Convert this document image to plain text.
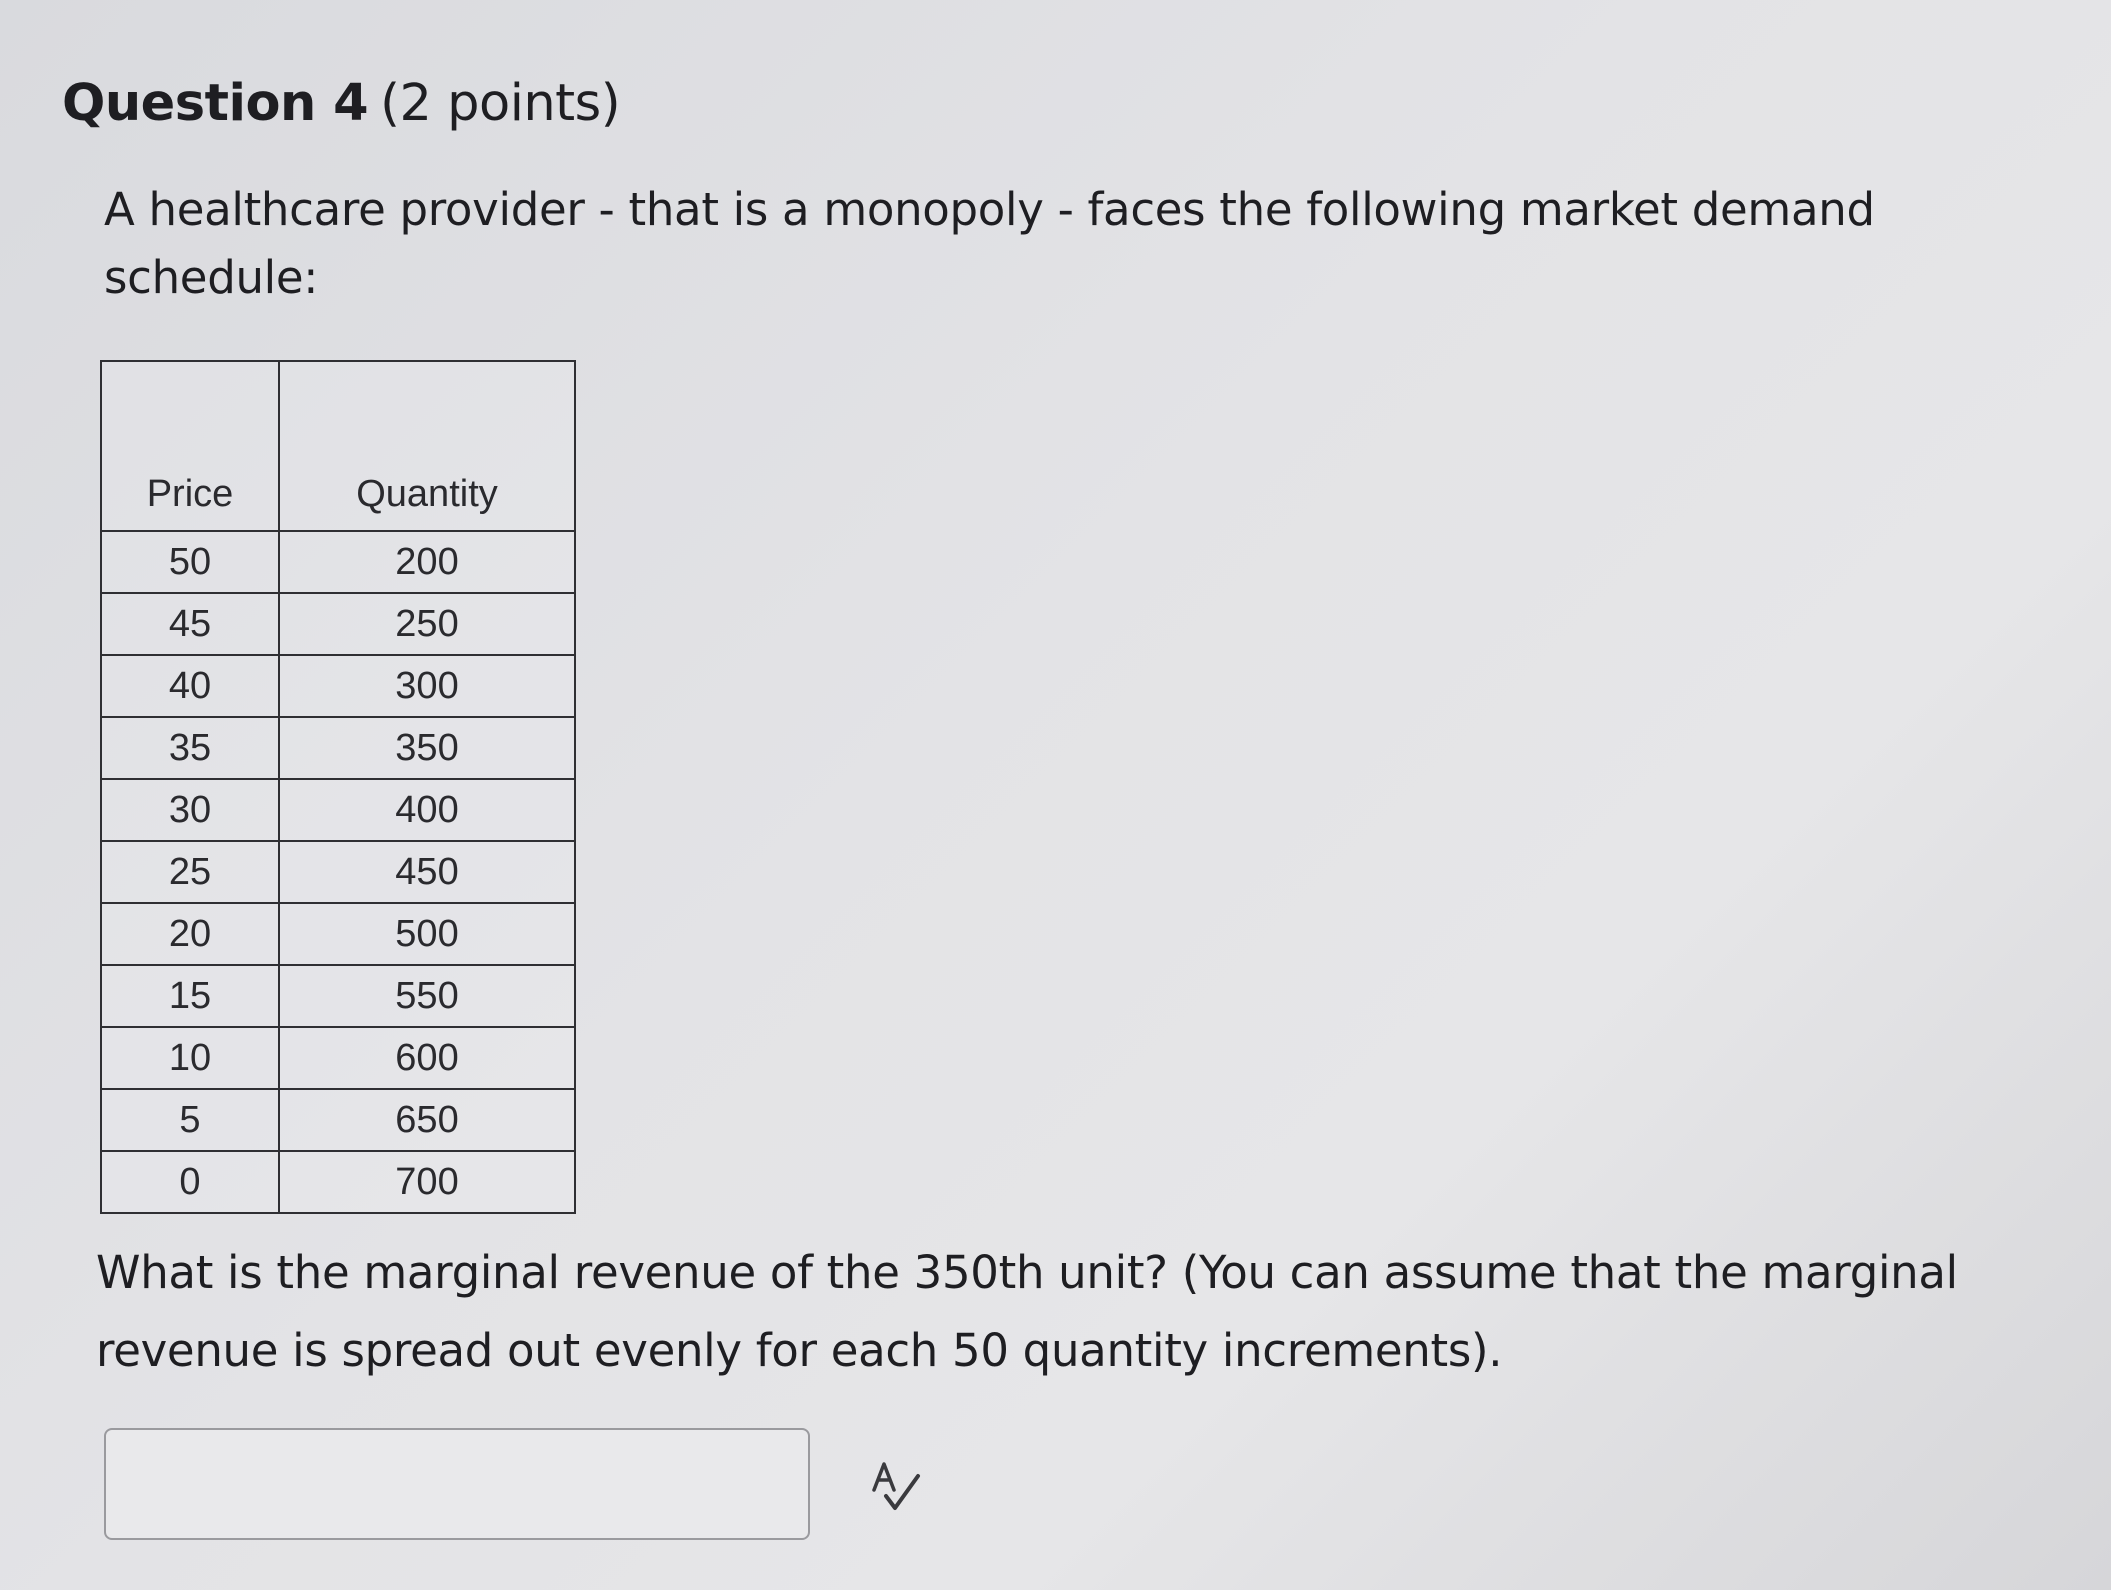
Question 4 (2 points)
A healthcare provider - that is a monopoly - faces the following market demand schedule:
Price	Quantity
50	200
45	250
40	300
35	350
30	400
25	450
20	500
15	550
10	600
5	650
0	700
What is the marginal revenue of the 350th unit? (You can assume that the marginal revenue is spread out evenly for each 50 quantity increments).
